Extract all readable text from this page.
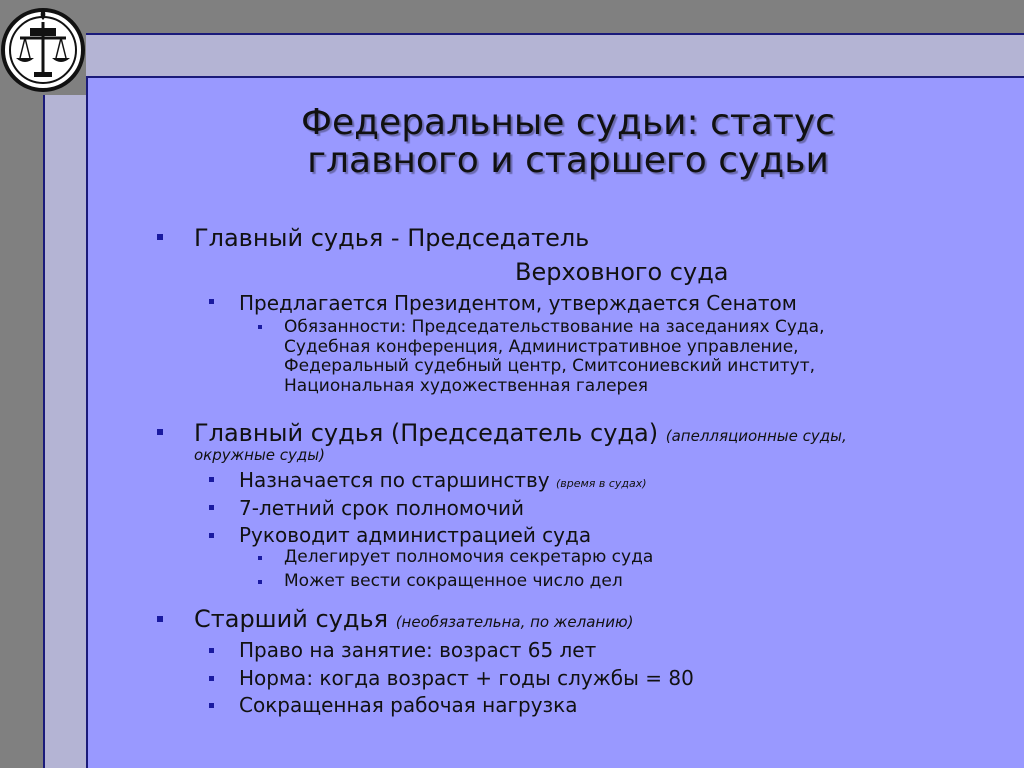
Федеральные судьи: статус
главного и старшего судьи
Главный судья - Председатель
Верховного суда
Предлагается Президентом, утверждается Сенатом
Обязанности: Председательствование на заседаниях Суда,
Судебная конференция, Административное управление,
Федеральный судебный центр, Смитсониевский институт,
Национальная художественная галерея
Главный судья (Председатель суда) (апелляционные суды,
окружные суды)
Назначается по старшинству (время в судах)
7-летний срок полномочий
Руководит администрацией суда
Делегирует полномочия секретарю суда
Может вести сокращенное число дел
Старший судья (необязательна, по желанию)
Право на занятие: возраст 65 лет
Норма: когда возраст + годы службы = 80
Сокращенная рабочая нагрузка
